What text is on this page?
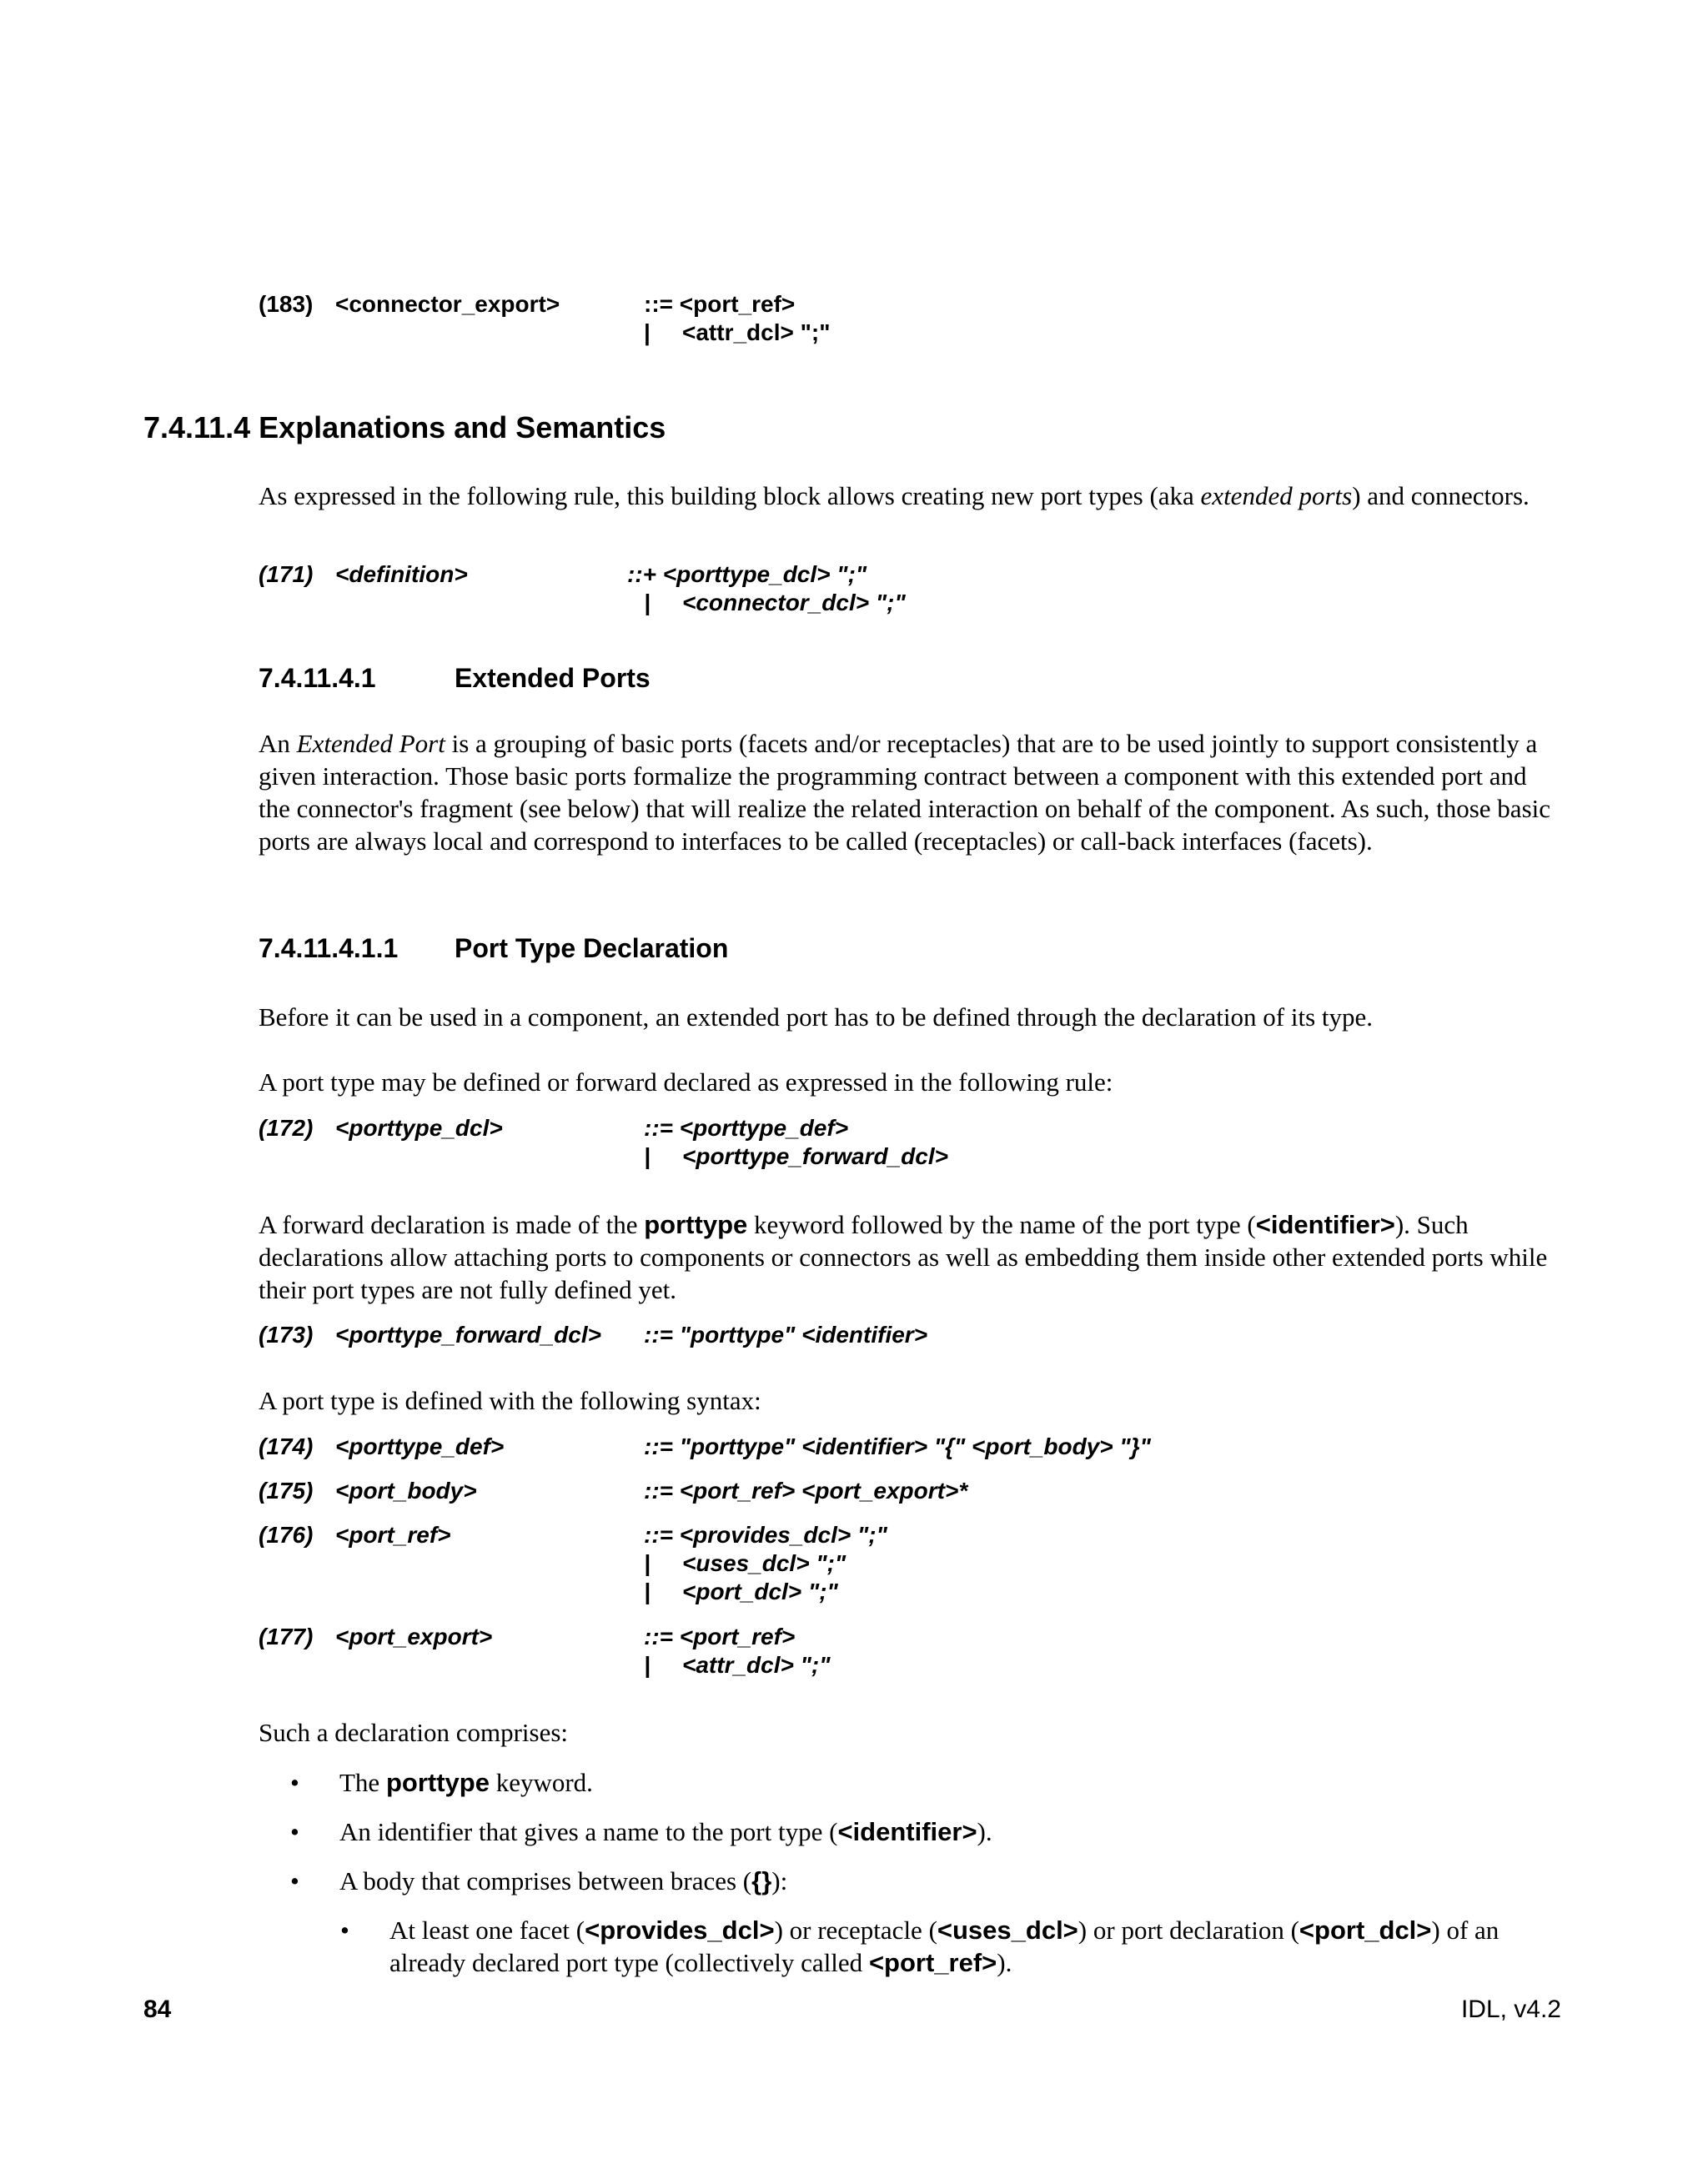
(183) <connector_export>	::= <port_ref>
| <attr_dcl> ";"
7.4.11.4 Explanations and Semantics
As expressed in the following rule, this building block allows creating new port types (aka extended ports) and connectors.
(171) <definition>	::+ <porttype_dcl> ";"
| <connector_dcl> ";"
7.4.11.4.1	Extended Ports
An Extended Port is a grouping of basic ports (facets and/or receptacles) that are to be used jointly to support consistently a given interaction. Those basic ports formalize the programming contract between a component with this extended port and the connector's fragment (see below) that will realize the related interaction on behalf of the component. As such, those basic ports are always local and correspond to interfaces to be called (receptacles) or call-back interfaces (facets).
7.4.11.4.1.1 Port Type Declaration
Before it can be used in a component, an extended port has to be defined through the declaration of its type.
A port type may be defined or forward declared as expressed in the following rule:
(172) <porttype_dcl>	::= <porttype_def>
| <porttype_forward_dcl>
A forward declaration is made of the porttype keyword followed by the name of the port type (<identifier>). Such declarations allow attaching ports to components or connectors as well as embedding them inside other extended ports while their port types are not fully defined yet.
(173) <porttype_forward_dcl> ::= "porttype" <identifier>
A port type is defined with the following syntax:
(174) <porttype_def>	::= "porttype" <identifier> "{" <port_body> "}"
(175) <port_body>	::= <port_ref> <port_export>*
(176) <port_ref>	::= <provides_dcl> ";"
| <uses_dcl> ";"
| <port_dcl> ";"
(177) <port_export>	::= <port_ref>
| <attr_dcl> ";"
Such a declaration comprises:
• The porttype keyword.
• An identifier that gives a name to the port type (<identifier>).
• A body that comprises between braces ({}):
• At least one facet (<provides_dcl>) or receptacle (<uses_dcl>) or port declaration (<port_dcl>) of an already declared port type (collectively called <port_ref>).
84	IDL, v4.2
